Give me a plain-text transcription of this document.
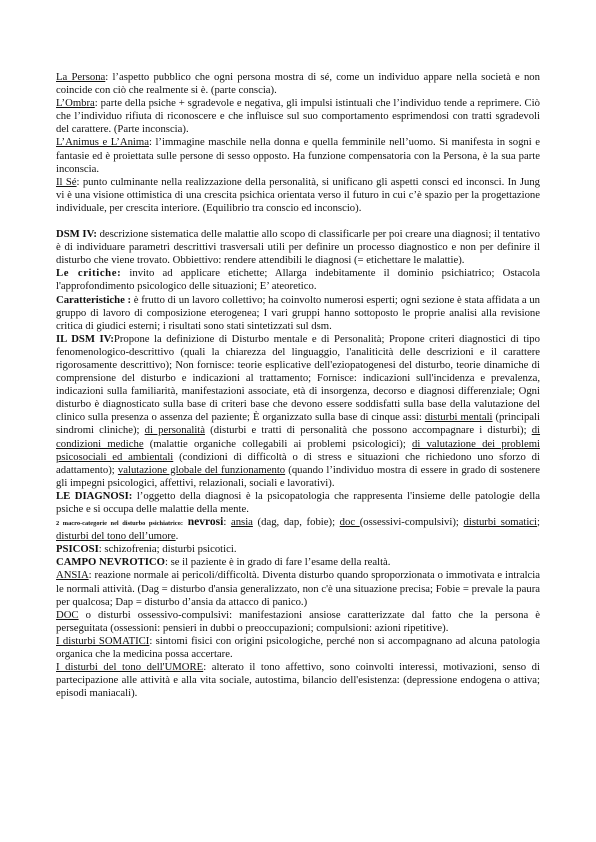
La Persona: l’aspetto pubblico che ogni persona mostra di sé, come un individuo appare nella società e non coincide con ciò che realmente si è. (parte conscia).

L’Ombra: parte della psiche + sgradevole e negativa, gli impulsi istintuali che l’individuo tende a reprimere. Ciò che l’individuo rifiuta di riconoscere e che influisce sul suo comportamento esprimendosi con tratti sgradevoli del carattere. (Parte inconscia).

L’Animus e L’Anima: l’immagine maschile nella donna e quella femminile nell’uomo. Si manifesta in sogni e fantasie ed è proiettata sulle persone di sesso opposto. Ha funzione compensatoria con la Persona, è la sua parte inconscia.

Il Sé: punto culminante nella realizzazione della personalità, si unificano gli aspetti consci ed inconsci. In Jung vi è una visione ottimistica di una crescita psichica orientata verso il futuro in cui c’è spazio per la progettazione individuale, per crescita interiore. (Equilibrio tra conscio ed inconscio).

DSM IV: descrizione sistematica delle malattie allo scopo di classificarle per poi creare una diagnosi; il tentativo è di individuare parametri descrittivi trasversali utili per definire un processo diagnostico e non per definire il disturbo che viene trovato. Obbiettivo: rendere attendibili le diagnosi (= etichettare le malattie).

Le critiche: invito ad applicare etichette; Allarga indebitamente il dominio psichiatrico; Ostacola l'approfondimento psicologico delle situazioni; E’ ateoretico.

Caratteristiche : è frutto di un lavoro collettivo; ha coinvolto numerosi esperti; ogni sezione è stata affidata a un gruppo di lavoro di composizione eterogenea; I vari gruppi hanno sottoposto le proprie analisi alla revisione critica di giudici esterni; i risultati sono stati sintetizzati sul dsm.

IL DSM IV:Propone la definizione di Disturbo mentale e di Personalità; Propone criteri diagnostici di tipo fenomenologico-descrittivo (quali la chiarezza del linguaggio, l'analiticità delle descrizioni e il carattere rigorosamente descrittivo); Non fornisce: teorie esplicative dell'eziopatogenesi del disturbo, teorie dinamiche di comprensione del disturbo e indicazioni al trattamento; Fornisce: indicazioni sull'incidenza e prevalenza, indicazioni sulla familiarità, manifestazioni associate, età di insorgenza, decorso e diagnosi differenziale; Ogni disturbo è diagnosticato sulla base di criteri base che devono essere soddisfatti sulla base della valutazione del clinico sulla presenza o assenza del paziente; È organizzato sulla base di cinque assi: disturbi mentali (principali sindromi cliniche); di personalità (disturbi e tratti di personalità che possono accompagnare i disturbi); di condizioni mediche (malattie organiche collegabili ai problemi psicologici); di valutazione dei problemi psicosociali ed ambientali (condizioni di difficoltà o di stress e situazioni che richiedono uno sforzo di adattamento); valutazione globale del funzionamento (quando l’individuo mostra di essere in grado di sostenere gli impegni psicologici, affettivi, relazionali, sociali e lavorativi).

LE DIAGNOSI: l’oggetto della diagnosi è la psicopatologia che rappresenta l'insieme delle patologie della psiche e si occupa delle malattie della mente.

2 macro-categorie nel disturbo psichiatrico: nevrosi: ansia (dag, dap, fobie); doc (ossessivi-compulsivi); disturbi somatici; disturbi del tono dell’umore.

PSICOSI: schizofrenia; disturbi psicotici.

CAMPO NEVROTICO: se il paziente è in grado di fare l’esame della realtà.

ANSIA: reazione normale ai pericoli/difficoltà. Diventa disturbo quando sproporzionata o immotivata e intralcia le normali attività. (Dag = disturbo d'ansia generalizzato, non c'è una situazione precisa; Fobie = prevale la paura per qualcosa; Dap = disturbo d’ansia da attacco di panico.)

DOC o disturbi ossessivo-compulsivi: manifestazioni ansiose caratterizzate dal fatto che la persona è perseguitata (ossessioni: pensieri in dubbi o preoccupazioni; compulsioni: azioni ripetitive).

I disturbi SOMATICI: sintomi fisici con origini psicologiche, perché non si accompagnano ad alcuna patologia organica che la medicina possa accertare.

I disturbi del tono dell'UMORE: alterato il tono affettivo, sono coinvolti interessi, motivazioni, senso di partecipazione alle attività e alla vita sociale, autostima, bilancio dell'esistenza: (depressione endogena o attiva; episodi maniacali).
